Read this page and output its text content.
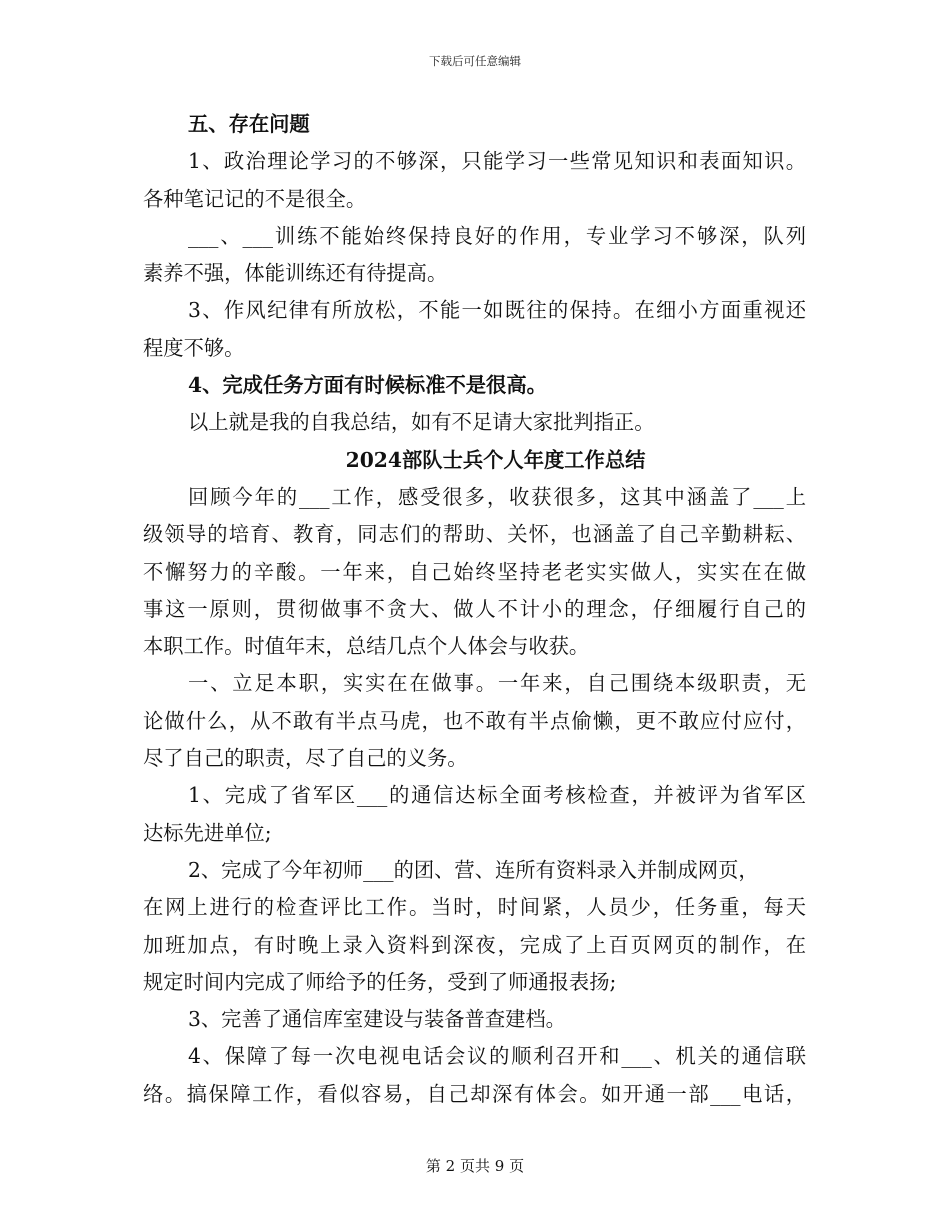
下载后可任意编辑
五、存在问题
1、政治理论学习的不够深，只能学习一些常见知识和表面知识。
各种笔记记的不是很全。
___、___训练不能始终保持良好的作用，专业学习不够深，队列
素养不强，体能训练还有待提高。
3、作风纪律有所放松，不能一如既往的保持。在细小方面重视还
程度不够。
4、完成任务方面有时候标准不是很高。
以上就是我的自我总结，如有不足请大家批判指正。
2024部队士兵个人年度工作总结
回顾今年的___工作，感受很多，收获很多，这其中涵盖了___上
级领导的培育、教育，同志们的帮助、关怀，也涵盖了自己辛勤耕耘、
不懈努力的辛酸。一年来，自己始终坚持老老实实做人，实实在在做
事这一原则，贯彻做事不贪大、做人不计小的理念，仔细履行自己的
本职工作。时值年末，总结几点个人体会与收获。
一、立足本职，实实在在做事。一年来，自己围绕本级职责，无
论做什么，从不敢有半点马虎，也不敢有半点偷懒，更不敢应付应付，
尽了自己的职责，尽了自己的义务。
1、完成了省军区___的通信达标全面考核检查，并被评为省军区
达标先进单位;
2、完成了今年初师___的团、营、连所有资料录入并制成网页，
在网上进行的检查评比工作。当时，时间紧，人员少，任务重，每天
加班加点，有时晚上录入资料到深夜，完成了上百页网页的制作，在
规定时间内完成了师给予的任务，受到了师通报表扬;
3、完善了通信库室建设与装备普查建档。
4、保障了每一次电视电话会议的顺利召开和___、机关的通信联
络。搞保障工作，看似容易，自己却深有体会。如开通一部___电话，
第 2 页共 9 页
